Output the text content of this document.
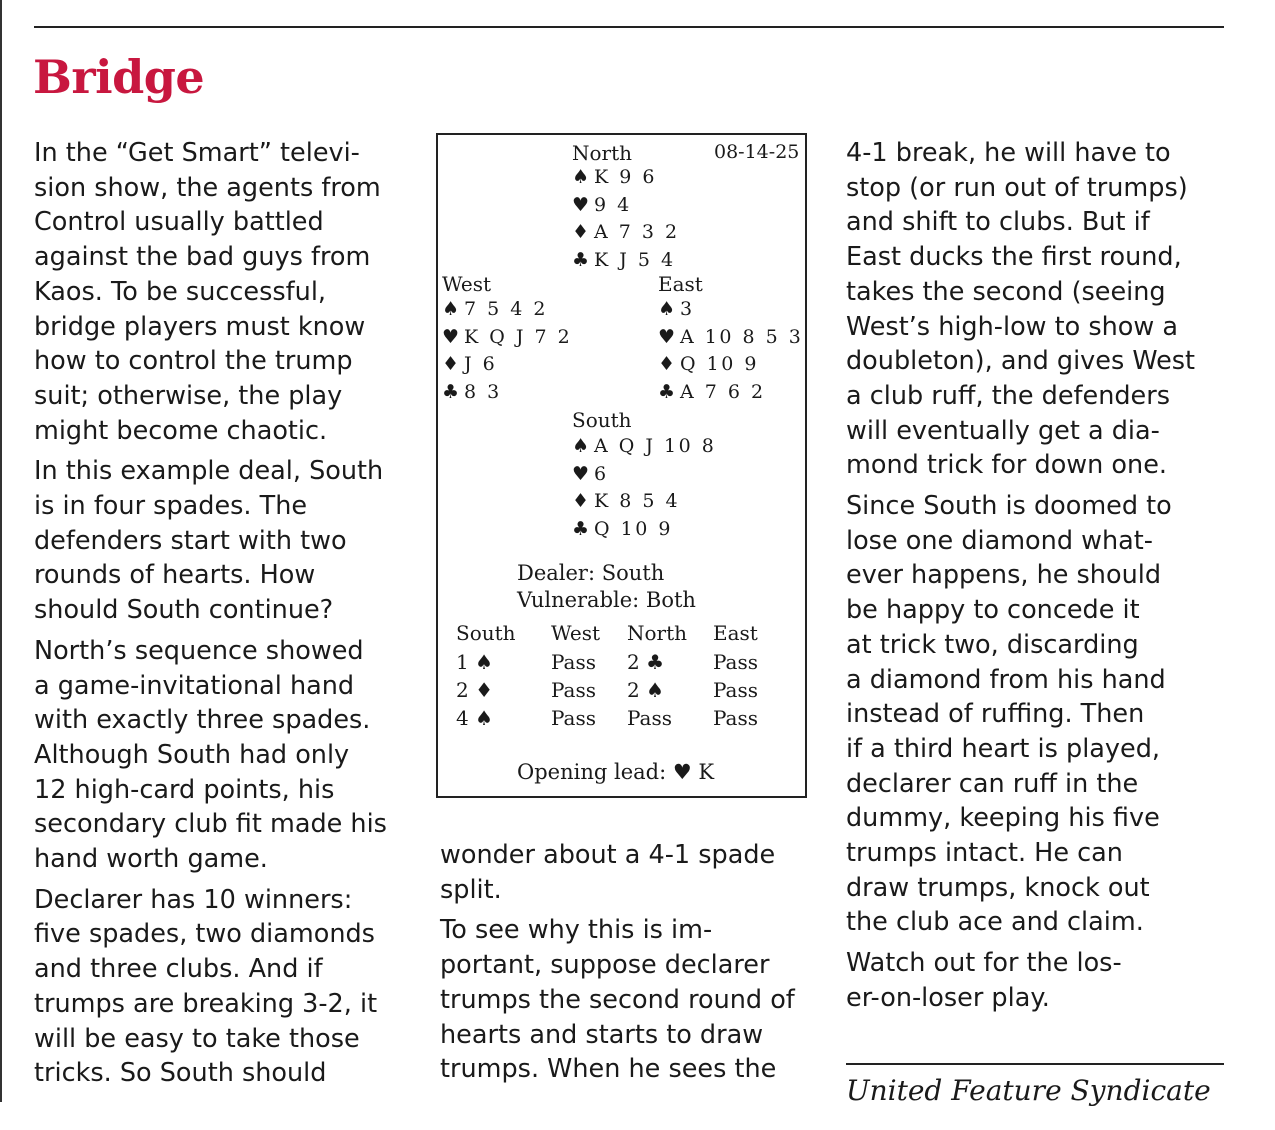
Bridge

In the “Get Smart” televi-
sion show, the agents from
Control usually battled
against the bad guys from
Kaos. To be successful,
bridge players must know
how to control the trump
suit; otherwise, the play
might become chaotic.

In this example deal, South
is in four spades. The
defenders start with two
rounds of hearts. How
should South continue?

North’s sequence showed
a game-invitational hand
with exactly three spades.
Although South had only
12 high-card points, his
secondary club fit made his
hand worth game.

Declarer has 10 winners:
five spades, two diamonds
and three clubs. And if
trumps are breaking 3-2, it
will be easy to take those
tricks. So South should

North	08-14-25
♠ K 9 6
♥ 9 4
♦ A 7 3 2
♣ K J 5 4
West
♠ 7 5 4 2
♥ K Q J 7 2
♦ J 6
♣ 8 3
East
♠ 3
♥ A 10 8 5 3
♦ Q 10 9
♣ A 7 6 2
South
♠ A Q J 10 8
♥ 6
♦ K 8 5 4
♣ Q 10 9
Dealer: South
Vulnerable: Both
South West North East
1 ♠	Pass 2 ♣ Pass
2 ♦	Pass 2 ♠ Pass
4 ♠	Pass Pass Pass
Opening lead: ♥ K

wonder about a 4-1 spade
split.

To see why this is im-
portant, suppose declarer
trumps the second round of
hearts and starts to draw
trumps. When he sees the

4-1 break, he will have to
stop (or run out of trumps)
and shift to clubs. But if
East ducks the first round,
takes the second (seeing
West’s high-low to show a
doubleton), and gives West
a club ruff, the defenders
will eventually get a dia-
mond trick for down one.

Since South is doomed to
lose one diamond what-
ever happens, he should
be happy to concede it
at trick two, discarding
a diamond from his hand
instead of ruffing. Then
if a third heart is played,
declarer can ruff in the
dummy, keeping his five
trumps intact. He can
draw trumps, knock out
the club ace and claim.

Watch out for the los-
er-on-loser play.

United Feature Syndicate
